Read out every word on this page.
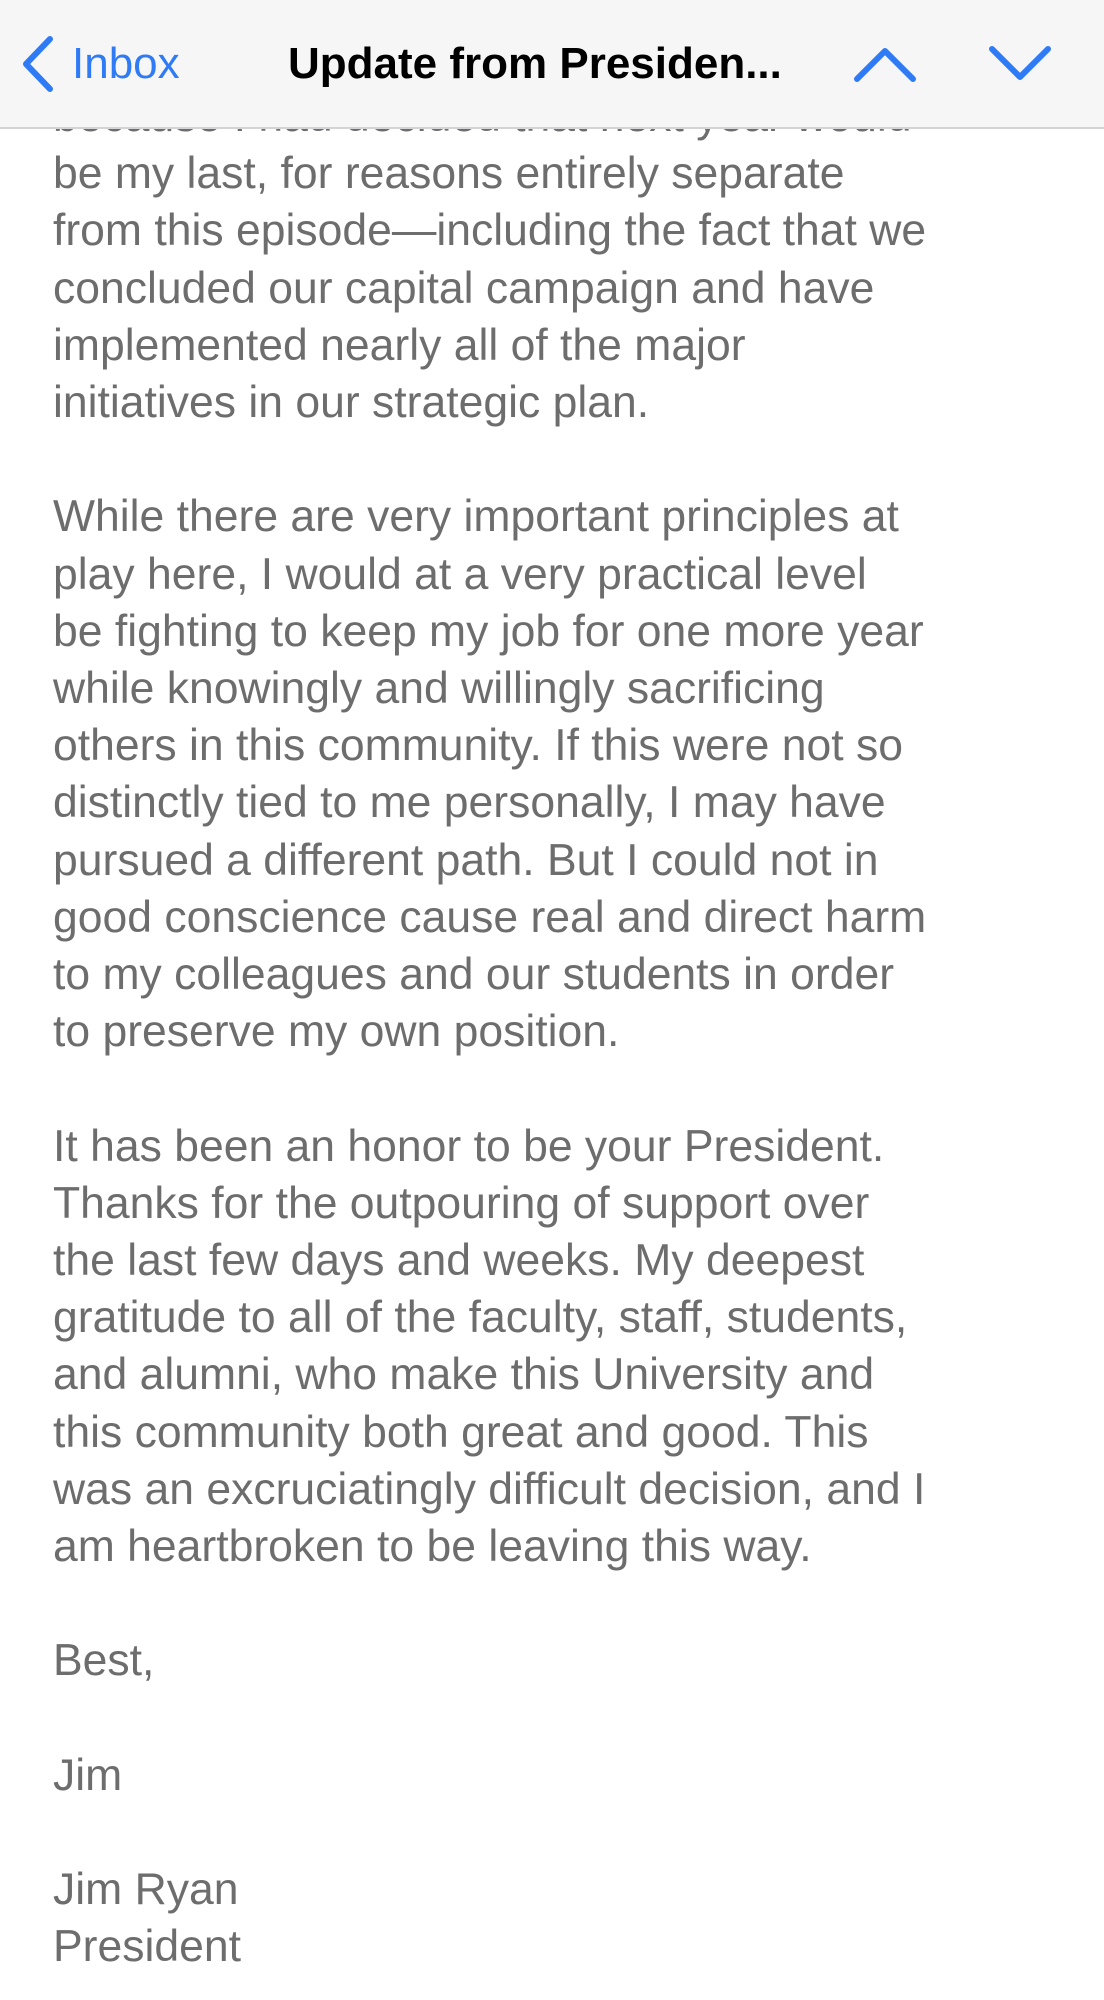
be my last, for reasons entirely separate
from this episode—including the fact that we
concluded our capital campaign and have
implemented nearly all of the major
initiatives in our strategic plan.

While there are very important principles at
play here, I would at a very practical level
be fighting to keep my job for one more year
while knowingly and willingly sacrificing
others in this community. If this were not so
distinctly tied to me personally, I may have
pursued a different path. But I could not in
good conscience cause real and direct harm
to my colleagues and our students in order
to preserve my own position.

It has been an honor to be your President.
Thanks for the outpouring of support over
the last few days and weeks. My deepest
gratitude to all of the faculty, staff, students,
and alumni, who make this University and
this community both great and good. This
was an excruciatingly difficult decision, and I
am heartbroken to be leaving this way.

Best,

Jim

Jim Ryan

President

Inbox Update from Presiden...
